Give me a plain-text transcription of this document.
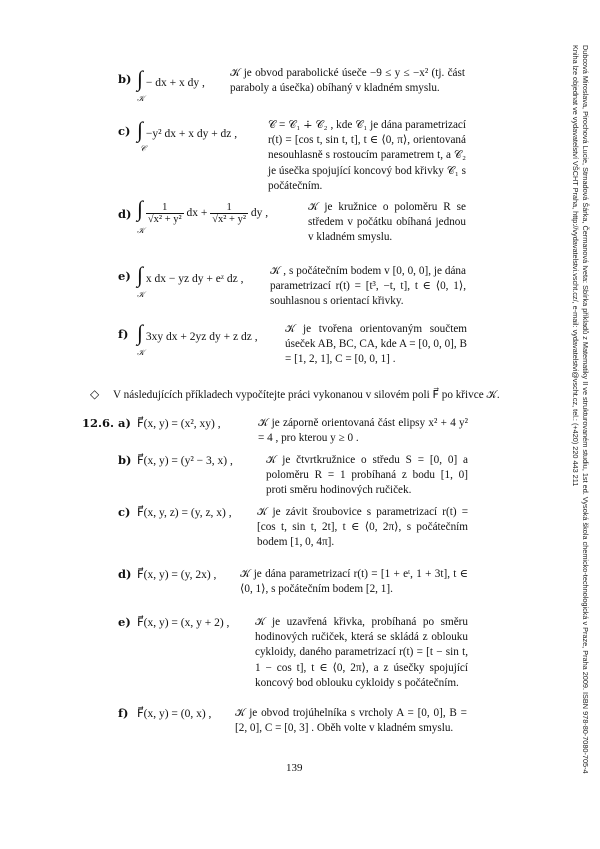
Dubcová Miroslava, Pirochová Lucie, Strnadová Šárka, Čermanová Iveta: Sbírka příkladů z Matematiky II ve strukturovaném studiu, 1st ed. Vysoká škola chemicko-technologická v Praze, Praha 2009. ISBN 978-80-7080-705-4
Kniha lze objednat ve vydavatelství VŠCHT Praha, http://vydavatelstvi.vscht.cz/, e-mail: vydavatelstvi@vscht.cz, tel.: (+420) 220 443 211
b) ∫ − dx + x dy ,
𝒦
𝒦 je obvod parabolické úseče −9 ≤ y ≤ −x² (tj. část paraboly a úsečka) obíhaný v kladném smyslu.
c) ∫ −y² dx + x dy + dz ,
𝒞
𝒞 = 𝒞₁ ∔ 𝒞₂ , kde 𝒞₁ je dána parametrizací r(t) = [cos t, sin t, t], t ∈ ⟨0, π⟩, orientovaná nesouhlasně s rostoucím parametrem t, a 𝒞₂ je úsečka spojující koncový bod křivky 𝒞₁ s počátečním.
d) ∫ $\frac{1}{\text{√x² + y²}}$ dx + $\frac{1}{\text{√x² + y²}}$ dy ,
𝒦
𝒦 je kružnice o poloměru R se středem v počátku obíhaná jednou v kladném smyslu.
e) ∫ x dx − yz dy + eᶻ dz ,
𝒦
𝒦 , s počátečním bodem v [0, 0, 0], je dána parametrizací r(t) = [t³, −t, t], t ∈ ⟨0, 1⟩, souhlasnou s orientací křivky.
f) ∫ 3xy dx + 2yz dy + z dz ,
𝒦
𝒦 je tvořena orientovaným součtem úseček AB, BC, CA, kde A = [0, 0, 0], B = [1, 2, 1], C = [0, 0, 1] .
◇ V následujících příkladech vypočítejte práci vykonanou v silovém poli F⃗ po křivce 𝒦.
12.6. a) F⃗(x, y) = (x², xy) ,	𝒦 je záporně orientovaná část elipsy x² + 4 y² = 4 , pro kterou y ≥ 0 .
b) F⃗(x, y) = (y² − 3, x) ,	𝒦 je čtvrtkružnice o středu S = [0, 0] a poloměru R = 1 probíhaná z bodu [1, 0] proti směru hodinových ručiček.
c) F⃗(x, y, z) = (y, z, x) , 𝒦 je závit šroubovice s parametrizací r(t) = [cos t, sin t, 2t], t ∈ ⟨0, 2π⟩, s počátečním bodem [1, 0, 4π].
d) F⃗(x, y) = (y, 2x) , 𝒦 je dána parametrizací r(t) = [1 + eᵗ, 1 + 3t], t ∈ ⟨0, 1⟩, s počátečním bodem [2, 1].
e) F⃗(x, y) = (x, y + 2) , 𝒦 je uzavřená křivka, probíhaná po směru hodinových ručiček, která se skládá z oblouku cykloidy, daného parametrizací r(t) = [t − sin t, 1 − cos t], t ∈ ⟨0, 2π⟩, a z úsečky spojující koncový bod oblouku cykloidy s počátečním.
f) F⃗(x, y) = (0, x) , 𝒦 je obvod trojúhelníka s vrcholy A = [0, 0], B = [2, 0], C = [0, 3] . Oběh volte v kladném smyslu.
139
